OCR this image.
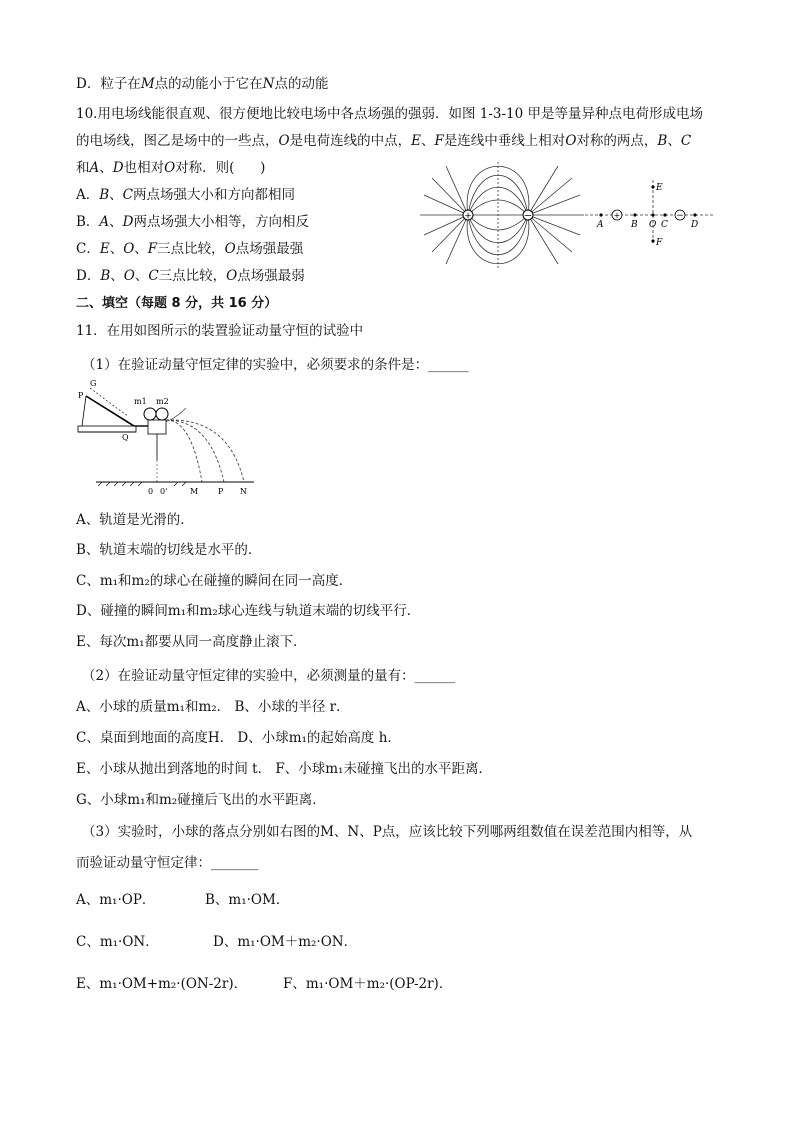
D．粒子在M点的动能小于它在N点的动能
10.用电场线能很直观、很方便地比较电场中各点场强的强弱．如图 1-3-10 甲是等量异种点电荷形成电场
的电场线，图乙是场中的一些点，O是电荷连线的中点，E、F是连线中垂线上相对O对称的两点，B、C
和A、D也相对O对称．则(      )
A．B、C两点场强大小和方向都相同
B．A、D两点场强大小相等，方向相反
C．E、O、F三点比较，O点场强最强
D．B、O、C三点比较，O点场强最弱
+	−	+	−
A	B O C	D
E
F
二、填空（每题 8 分，共 16 分）
11．在用如图所示的装置验证动量守恒的试验中
（1）在验证动量守恒定律的实验中，必须要求的条件是：______
G
P
Q
m1 m2
0 0'	M P N
A、轨道是光滑的．
B、轨道末端的切线是水平的．
C、m₁和m₂的球心在碰撞的瞬间在同一高度．
D、碰撞的瞬间m₁和m₂球心连线与轨道末端的切线平行．
E、每次m₁都要从同一高度静止滚下．
（2）在验证动量守恒定律的实验中，必须测量的量有：______
A、小球的质量m₁和m₂． B、小球的半径 r．
C、桌面到地面的高度H． D、小球m₁的起始高度 h．
E、小球从抛出到落地的时间 t． F、小球m₁未碰撞飞出的水平距离．
G、小球m₁和m₂碰撞后飞出的水平距离．
（3）实验时，小球的落点分别如右图的M、N、P点，应该比较下列哪两组数值在误差范围内相等，从
而验证动量守恒定律：_______
A、m₁·OP．	B、m₁·OM．
C、m₁·ON．	D、m₁·OM＋m₂·ON．
E、m₁·OM+m₂·(ON-2r)．	F、m₁·OM＋m₂·(OP-2r)．
